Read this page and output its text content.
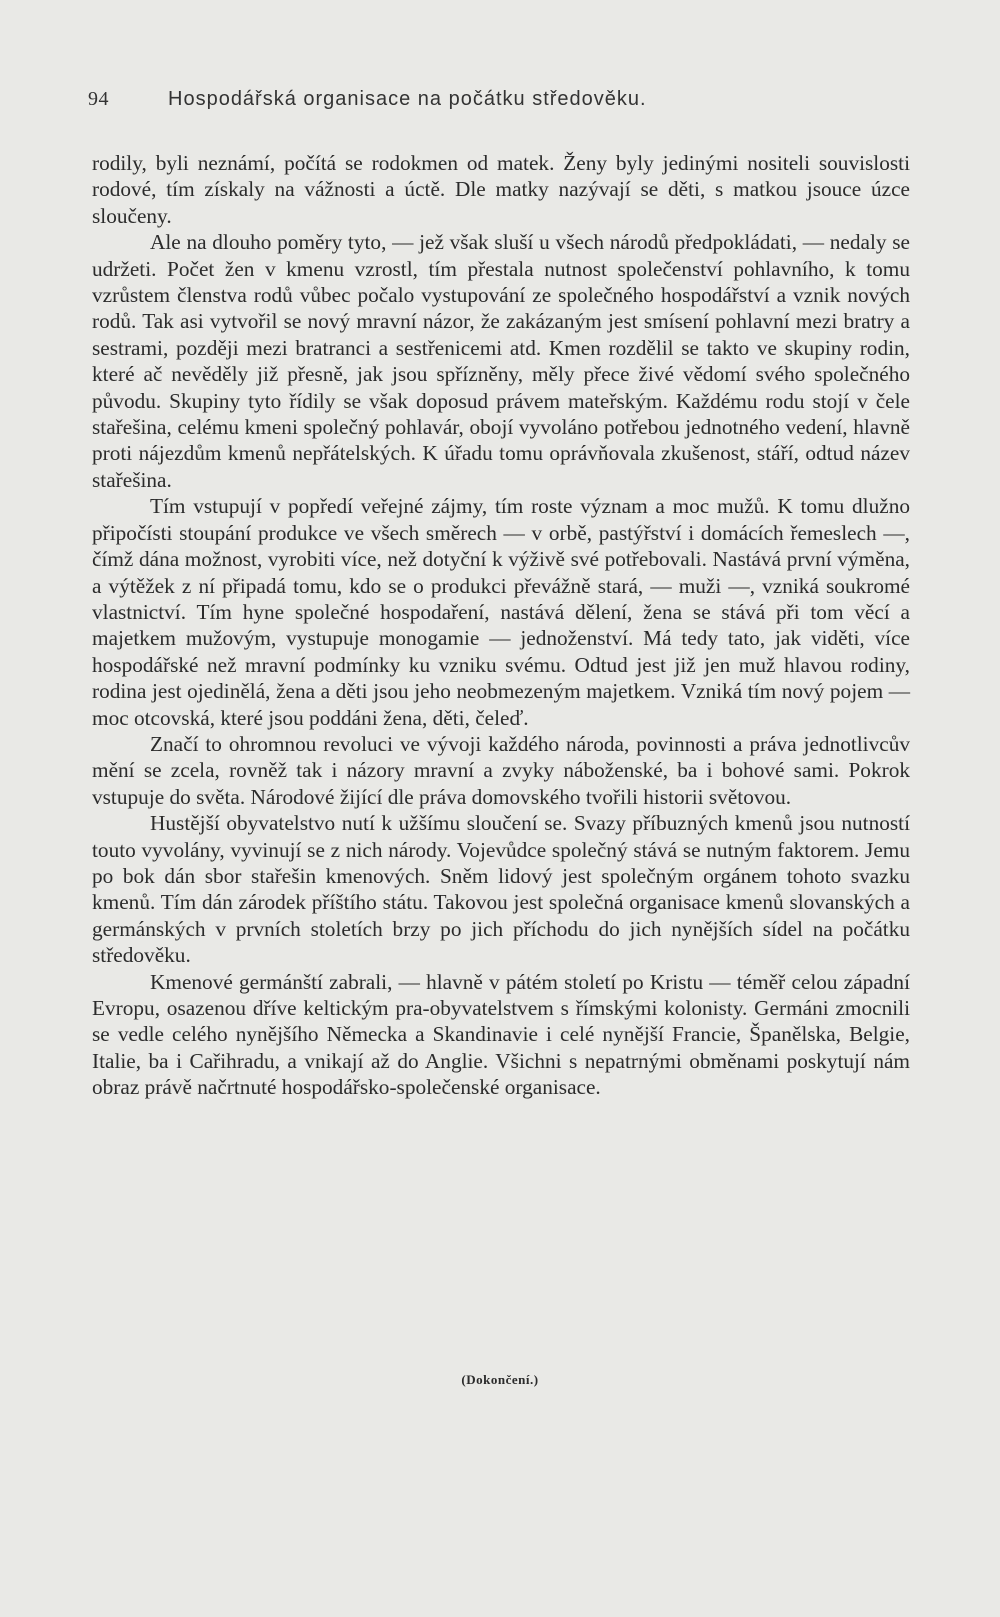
94	Hospodářská organisace na počátku středověku.

rodily, byli neznámí, počítá se rodokmen od matek. Ženy byly jedinými nositeli souvislosti rodové, tím získaly na vážnosti a úctě. Dle matky nazývají se děti, s matkou jsouce úzce sloučeny.

Ale na dlouho poměry tyto, — jež však sluší u všech národů předpokládati, — nedaly se udržeti. Počet žen v kmenu vzrostl, tím přestala nutnost společenství pohlavního, k tomu vzrůstem členstva rodů vůbec počalo vystupování ze společného hospodářství a vznik nových rodů. Tak asi vytvořil se nový mravní názor, že zakázaným jest smísení pohlavní mezi bratry a sestrami, později mezi bratranci a sestřenicemi atd. Kmen rozdělil se takto ve skupiny rodin, které ač nevěděly již přesně, jak jsou spřízněny, měly přece živé vědomí svého společného původu. Skupiny tyto řídily se však doposud právem mateřským. Každému rodu stojí v čele stařešina, celému kmeni společný pohlavár, obojí vyvoláno potřebou jednotného vedení, hlavně proti nájezdům kmenů nepřátelských. K úřadu tomu oprávňovala zkušenost, stáří, odtud název stařešina.

Tím vstupují v popředí veřejné zájmy, tím roste význam a moc mužů. K tomu dlužno připočísti stoupání produkce ve všech směrech — v orbě, pastýřství i domácích řemeslech —, čímž dána možnost, vyrobiti více, než dotyční k výživě své potřebovali. Nastává první výměna, a výtěžek z ní připadá tomu, kdo se o produkci převážně stará, — muži —, vzniká soukromé vlastnictví. Tím hyne společné hospodaření, nastává dělení, žena se stává při tom věcí a majetkem mužovým, vystupuje monogamie — jednoženství. Má tedy tato, jak viděti, více hospodářské než mravní podmínky ku vzniku svému. Odtud jest již jen muž hlavou rodiny, rodina jest ojedinělá, žena a děti jsou jeho neobmezeným majetkem. Vzniká tím nový pojem — moc otcovská, které jsou poddáni žena, děti, čeleď.

Značí to ohromnou revoluci ve vývoji každého národa, povinnosti a práva jednotlivcův mění se zcela, rovněž tak i názory mravní a zvyky náboženské, ba i bohové sami. Pokrok vstupuje do světa. Národové žijící dle práva domovského tvořili historii světovou.

Hustější obyvatelstvo nutí k užšímu sloučení se. Svazy příbuzných kmenů jsou nutností touto vyvolány, vyvinují se z nich národy. Vojevůdce společný stává se nutným faktorem. Jemu po bok dán sbor stařešin kmenových. Sněm lidový jest společným orgánem tohoto svazku kmenů. Tím dán zárodek příštího státu. Takovou jest společná organisace kmenů slovanských a germánských v prvních stoletích brzy po jich příchodu do jich nynějších sídel na počátku středověku.

Kmenové germánští zabrali, — hlavně v pátém století po Kristu — téměř celou západní Evropu, osazenou dříve keltickým pra-obyvatelstvem s římskými kolonisty. Germáni zmocnili se vedle celého nynějšího Německa a Skandinavie i celé nynější Francie, Španělska, Belgie, Italie, ba i Cařihradu, a vnikají až do Anglie. Všichni s nepatrnými obměnami poskytují nám obraz právě načrtnuté hospodářsko-společenské organisace.

(Dokončení.)
